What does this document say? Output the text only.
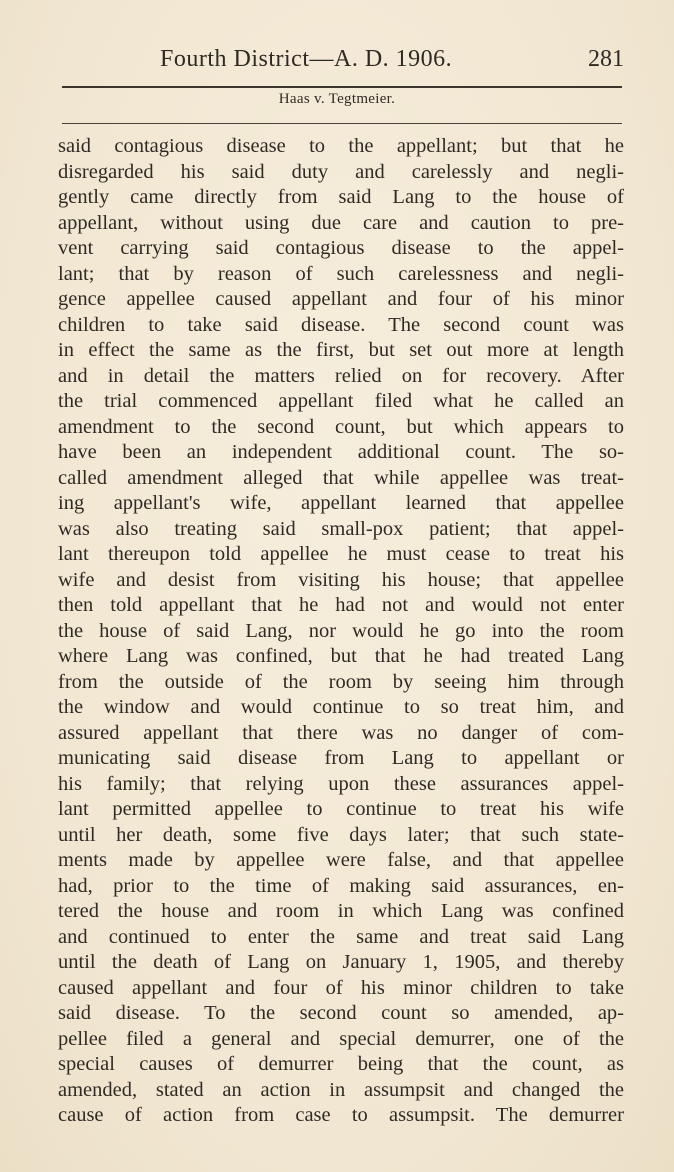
Fourth District—A. D. 1906.	281
Haas v. Tegtmeier.
said contagious disease to the appellant; but that he
disregarded his said duty and carelessly and negli-
gently came directly from said Lang to the house of
appellant, without using due care and caution to pre-
vent carrying said contagious disease to the appel-
lant; that by reason of such carelessness and negli-
gence appellee caused appellant and four of his minor
children to take said disease. The second count was
in effect the same as the first, but set out more at length
and in detail the matters relied on for recovery. After
the trial commenced appellant filed what he called an
amendment to the second count, but which appears to
have been an independent additional count. The so-
called amendment alleged that while appellee was treat-
ing appellant's wife, appellant learned that appellee
was also treating said small-pox patient; that appel-
lant thereupon told appellee he must cease to treat his
wife and desist from visiting his house; that appellee
then told appellant that he had not and would not enter
the house of said Lang, nor would he go into the room
where Lang was confined, but that he had treated Lang
from the outside of the room by seeing him through
the window and would continue to so treat him, and
assured appellant that there was no danger of com-
municating said disease from Lang to appellant or
his family; that relying upon these assurances appel-
lant permitted appellee to continue to treat his wife
until her death, some five days later; that such state-
ments made by appellee were false, and that appellee
had, prior to the time of making said assurances, en-
tered the house and room in which Lang was confined
and continued to enter the same and treat said Lang
until the death of Lang on January 1, 1905, and thereby
caused appellant and four of his minor children to take
said disease. To the second count so amended, ap-
pellee filed a general and special demurrer, one of the
special causes of demurrer being that the count, as
amended, stated an action in assumpsit and changed the
cause of action from case to assumpsit. The demurrer
